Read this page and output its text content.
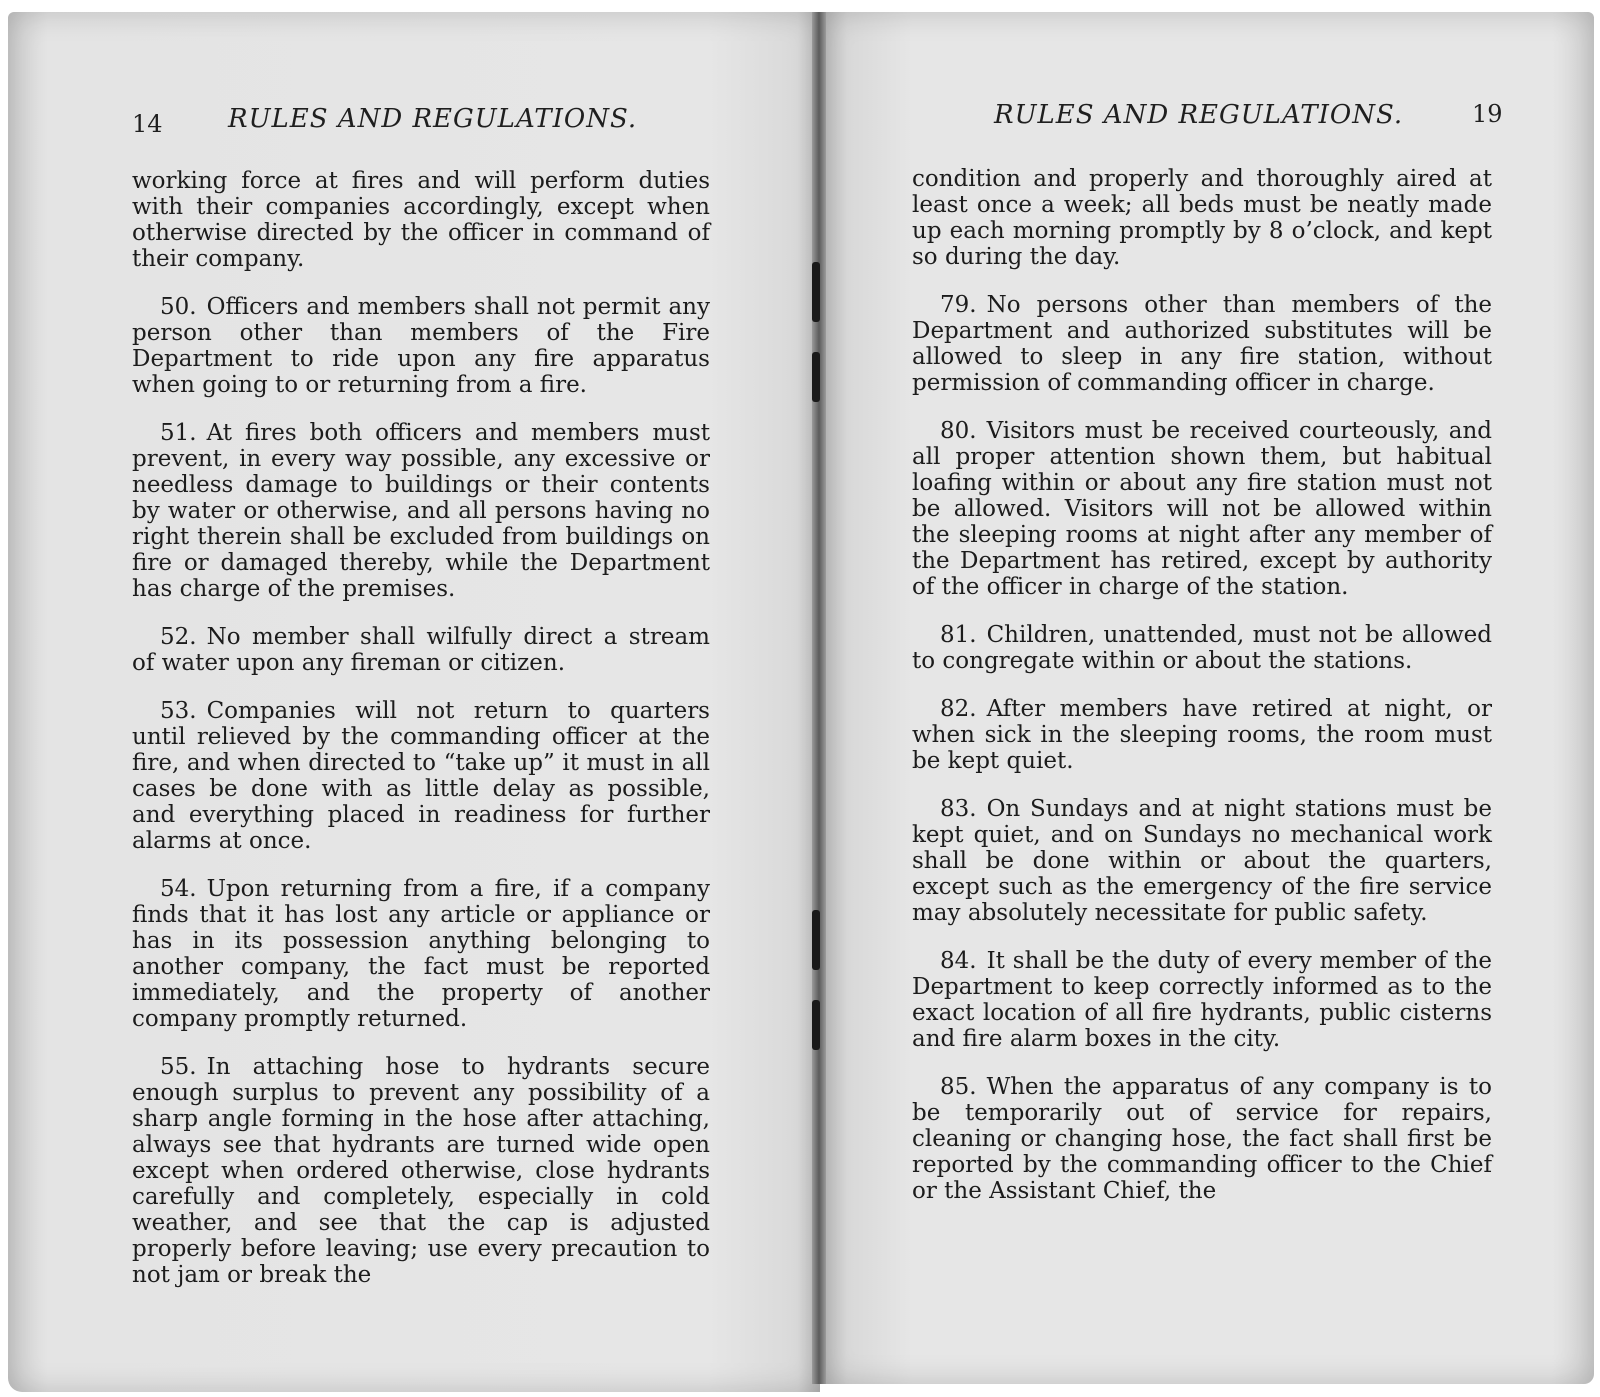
14	RULES AND REGULATIONS.	RULES AND REGULATIONS.	19

working force at fires and will perform duties with their companies accordingly, except when otherwise directed by the officer in command of their company.

50. Officers and members shall not permit any person other than members of the Fire Department to ride upon any fire apparatus when going to or returning from a fire.

51. At fires both officers and members must prevent, in every way possible, any excessive or needless damage to buildings or their contents by water or otherwise, and all persons having no right therein shall be excluded from buildings on fire or damaged thereby, while the Department has charge of the premises.

52. No member shall wilfully direct a stream of water upon any fireman or citizen.

53. Companies will not return to quarters until relieved by the commanding officer at the fire, and when directed to “take up” it must in all cases be done with as little delay as possible, and everything placed in readiness for further alarms at once.

54. Upon returning from a fire, if a company finds that it has lost any article or appliance or has in its possession anything belonging to another company, the fact must be reported immediately, and the property of another company promptly returned.

55. In attaching hose to hydrants secure enough surplus to prevent any possibility of a sharp angle forming in the hose after attaching, always see that hydrants are turned wide open except when ordered otherwise, close hydrants carefully and completely, especially in cold weather, and see that the cap is adjusted properly before leaving; use every precaution to not jam or break the

condition and properly and thoroughly aired at least once a week; all beds must be neatly made up each morning promptly by 8 o’clock, and kept so during the day.

79. No persons other than members of the Department and authorized substitutes will be allowed to sleep in any fire station, without permission of commanding officer in charge.

80. Visitors must be received courteously, and all proper attention shown them, but habitual loafing within or about any fire station must not be allowed. Visitors will not be allowed within the sleeping rooms at night after any member of the Department has retired, except by authority of the officer in charge of the station.

81. Children, unattended, must not be allowed to congregate within or about the stations.

82. After members have retired at night, or when sick in the sleeping rooms, the room must be kept quiet.

83. On Sundays and at night stations must be kept quiet, and on Sundays no mechanical work shall be done within or about the quarters, except such as the emergency of the fire service may absolutely necessitate for public safety.

84. It shall be the duty of every member of the Department to keep correctly informed as to the exact location of all fire hydrants, public cisterns and fire alarm boxes in the city.

85. When the apparatus of any company is to be temporarily out of service for repairs, cleaning or changing hose, the fact shall first be reported by the commanding officer to the Chief or the Assistant Chief, the
